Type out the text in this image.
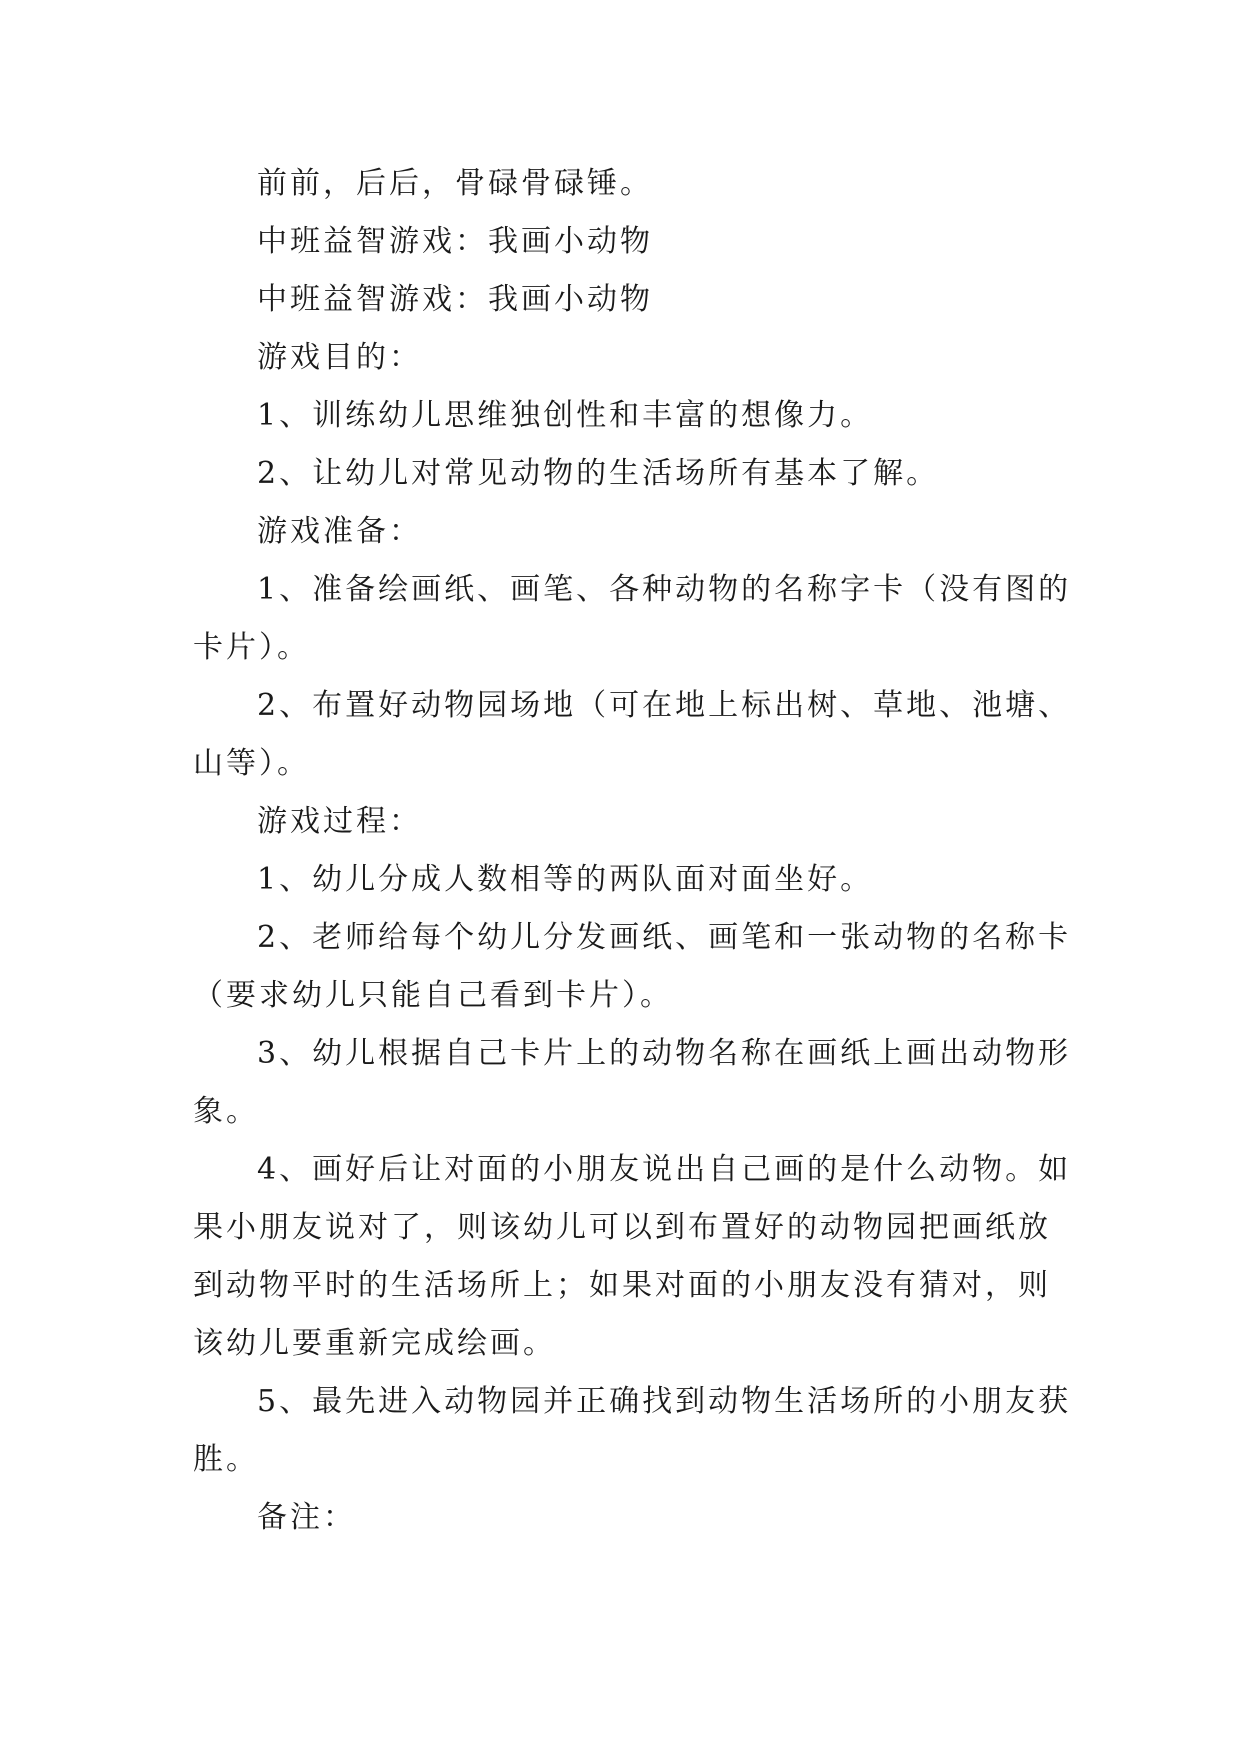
前前，后后，骨碌骨碌锤。

中班益智游戏：我画小动物

中班益智游戏：我画小动物

游戏目的：

1、训练幼儿思维独创性和丰富的想像力。

2、让幼儿对常见动物的生活场所有基本了解。

游戏准备：

1、准备绘画纸、画笔、各种动物的名称字卡（没有图的卡片）。

2、布置好动物园场地（可在地上标出树、草地、池塘、山等）。

游戏过程：

1、幼儿分成人数相等的两队面对面坐好。

2、老师给每个幼儿分发画纸、画笔和一张动物的名称卡（要求幼儿只能自己看到卡片）。

3、幼儿根据自己卡片上的动物名称在画纸上画出动物形象。

4、画好后让对面的小朋友说出自己画的是什么动物。如果小朋友说对了，则该幼儿可以到布置好的动物园把画纸放到动物平时的生活场所上；如果对面的小朋友没有猜对，则该幼儿要重新完成绘画。

5、最先进入动物园并正确找到动物生活场所的小朋友获胜。

备注：
